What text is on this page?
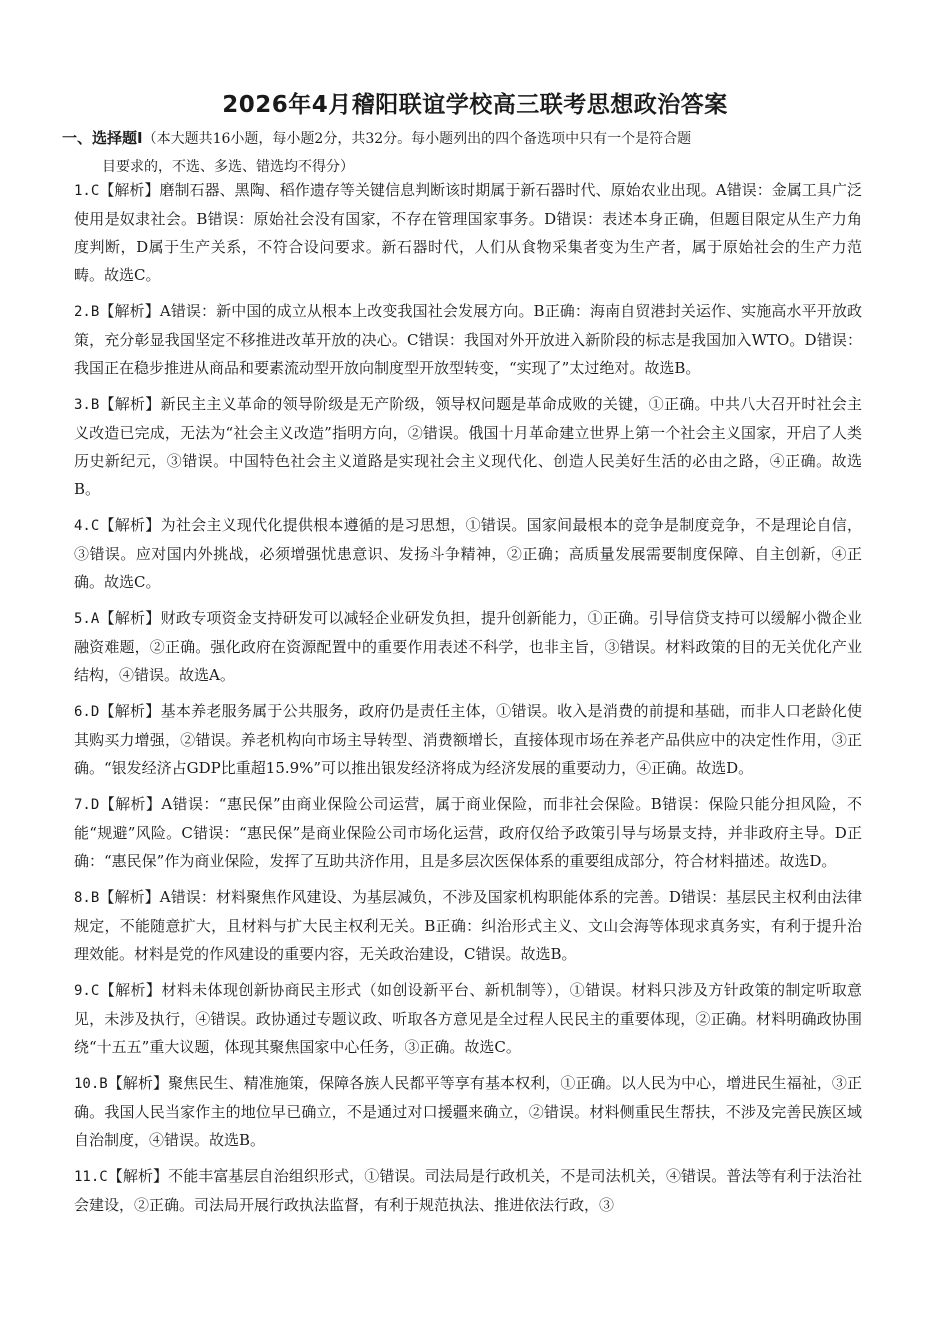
2026年4月稽阳联谊学校高三联考思想政治答案
一、选择题Ⅰ（本大题共16小题，每小题2分，共32分。每小题列出的四个备选项中只有一个是符合题
目要求的，不选、多选、错选均不得分）
1.C【解析】磨制石器、黑陶、稻作遗存等关键信息判断该时期属于新石器时代、原始农业出现。A错误：金属工具广泛使用是奴隶社会。B错误：原始社会没有国家，不存在管理国家事务。D错误：表述本身正确，但题目限定从生产力角度判断，D属于生产关系，不符合设问要求。新石器时代，人们从食物采集者变为生产者，属于原始社会的生产力范畴。故选C。
2.B【解析】A错误：新中国的成立从根本上改变我国社会发展方向。B正确：海南自贸港封关运作、实施高水平开放政策，充分彰显我国坚定不移推进改革开放的决心。C错误：我国对外开放进入新阶段的标志是我国加入WTO。D错误：我国正在稳步推进从商品和要素流动型开放向制度型开放型转变，“实现了”太过绝对。故选B。
3.B【解析】新民主主义革命的领导阶级是无产阶级，领导权问题是革命成败的关键，①正确。中共八大召开时社会主义改造已完成，无法为“社会主义改造”指明方向，②错误。俄国十月革命建立世界上第一个社会主义国家，开启了人类历史新纪元，③错误。中国特色社会主义道路是实现社会主义现代化、创造人民美好生活的必由之路，④正确。故选B。
4.C【解析】为社会主义现代化提供根本遵循的是习思想，①错误。国家间最根本的竞争是制度竞争，不是理论自信，③错误。应对国内外挑战，必须增强忧患意识、发扬斗争精神，②正确；高质量发展需要制度保障、自主创新，④正确。故选C。
5.A【解析】财政专项资金支持研发可以减轻企业研发负担，提升创新能力，①正确。引导信贷支持可以缓解小微企业融资难题，②正确。强化政府在资源配置中的重要作用表述不科学，也非主旨，③错误。材料政策的目的无关优化产业结构，④错误。故选A。
6.D【解析】基本养老服务属于公共服务，政府仍是责任主体，①错误。收入是消费的前提和基础，而非人口老龄化使其购买力增强，②错误。养老机构向市场主导转型、消费额增长，直接体现市场在养老产品供应中的决定性作用，③正确。“银发经济占GDP比重超15.9%”可以推出银发经济将成为经济发展的重要动力，④正确。故选D。
7.D【解析】A错误：“惠民保”由商业保险公司运营，属于商业保险，而非社会保险。B错误：保险只能分担风险，不能“规避”风险。C错误：“惠民保”是商业保险公司市场化运营，政府仅给予政策引导与场景支持，并非政府主导。D正确：“惠民保”作为商业保险，发挥了互助共济作用，且是多层次医保体系的重要组成部分，符合材料描述。故选D。
8.B【解析】A错误：材料聚焦作风建设、为基层减负，不涉及国家机构职能体系的完善。D错误：基层民主权利由法律规定，不能随意扩大，且材料与扩大民主权利无关。B正确：纠治形式主义、文山会海等体现求真务实，有利于提升治理效能。材料是党的作风建设的重要内容，无关政治建设，C错误。故选B。
9.C【解析】材料未体现创新协商民主形式（如创设新平台、新机制等），①错误。材料只涉及方针政策的制定听取意见，未涉及执行，④错误。政协通过专题议政、听取各方意见是全过程人民民主的重要体现，②正确。材料明确政协围绕“十五五”重大议题，体现其聚焦国家中心任务，③正确。故选C。
10.B【解析】聚焦民生、精准施策，保障各族人民都平等享有基本权利，①正确。以人民为中心，增进民生福祉，③正确。我国人民当家作主的地位早已确立，不是通过对口援疆来确立，②错误。材料侧重民生帮扶，不涉及完善民族区域自治制度，④错误。故选B。
11.C【解析】不能丰富基层自治组织形式，①错误。司法局是行政机关，不是司法机关，④错误。普法等有利于法治社会建设，②正确。司法局开展行政执法监督，有利于规范执法、推进依法行政，③
